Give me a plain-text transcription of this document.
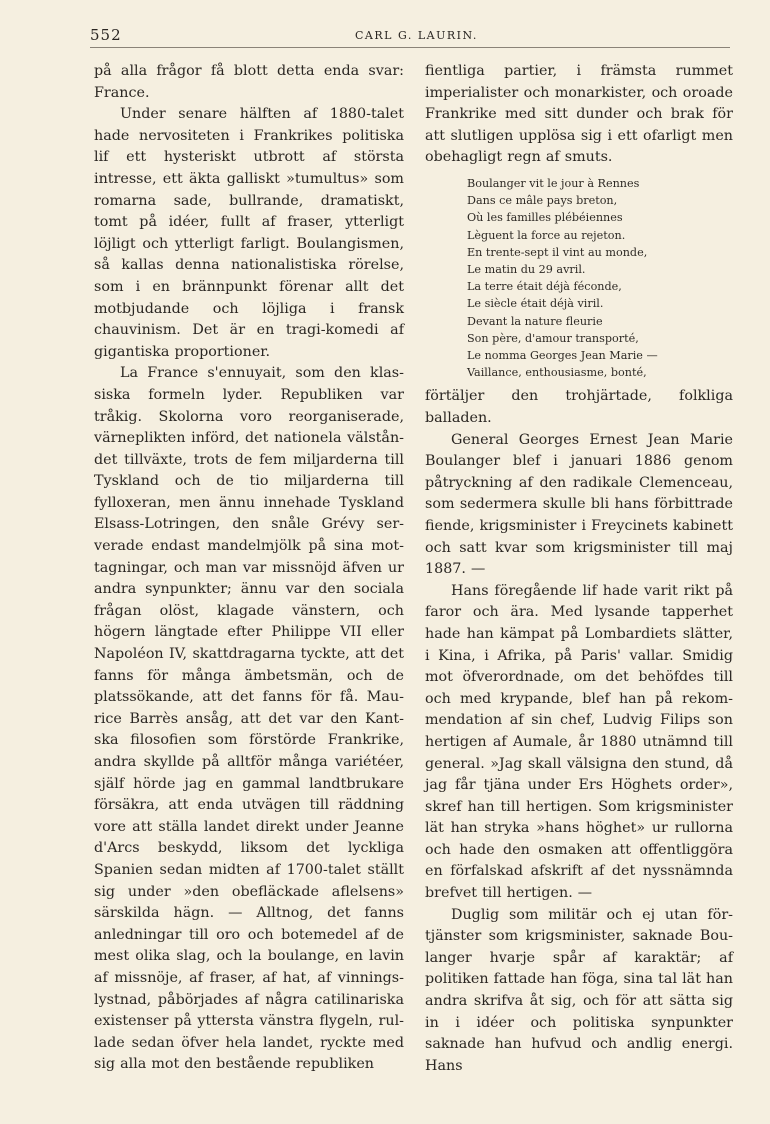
552	CARL G. LAURIN.

på alla frågor få blott detta enda svar: France.

Under senare hälften af 1880-talet hade nervositeten i Frankrikes politiska lif ett hysteriskt utbrott af största intresse, ett äkta galliskt »tumultus» som romarna sade, bullrande, dramatiskt, tomt på idéer, fullt af fraser, ytterligt löjligt och ytterligt farligt. Boulangismen, så kallas denna nationalistiska rörelse, som i en brännpunkt förenar allt det motbjudande och löjliga i fransk chauvinism. Det är en tragi-komedi af gigantiska proportioner.

La France s'ennuyait, som den klassiska formeln lyder. Republiken var tråkig. Skolorna voro reorganiserade, värneplikten införd, det nationela välståndet tillväxte, trots de fem miljarderna till Tyskland och de tio miljarderna till fylloxeran, men ännu innehade Tyskland Elsass-Lotringen, den snåle Grévy serverade endast mandelmjölk på sina mottagningar, och man var missnöjd äfven ur andra synpunkter; ännu var den sociala frågan olöst, klagade vänstern, och högern längtade efter Philippe VII eller Napoléon IV, skattdragarna tyckte, att det fanns för många ämbetsmän, och de platssökande, att det fanns för få. Maurice Barrès ansåg, att det var den Kantska filosofien som förstörde Frankrike, andra skyllde på alltför många variétéer, själf hörde jag en gammal landtbrukare försäkra, att enda utvägen till räddning vore att ställa landet direkt under Jeanne d'Arcs beskydd, liksom det lyckliga Spanien sedan midten af 1700-talet ställt sig under »den obefläckade aflelsens» särskilda hägn. — Alltnog, det fanns anledningar till oro och botemedel af de mest olika slag, och la boulange, en lavin af missnöje, af fraser, af hat, af vinningslystnad, påbörjades af några catilinariska existenser på yttersta vänstra flygeln, rullade sedan öfver hela landet, ryckte med sig alla mot den bestående republiken

fientliga partier, i främsta rummet imperialister och monarkister, och oroade Frankrike med sitt dunder och brak för att slutligen upplösa sig i ett ofarligt men obehagligt regn af smuts.

Boulanger vit le jour à Rennes
Dans ce mâle pays breton,
Où les familles plébéiennes
Lèguent la force au rejeton.
En trente-sept il vint au monde,
Le matin du 29 avril.
La terre était déjà féconde,
Le siècle était déjà viril.
Devant la nature fleurie
Son père, d'amour transporté,
Le nomma Georges Jean Marie —
Vaillance, enthousiasme, bonté,

förtäljer den trohjärtade, folkliga balladen.

General Georges Ernest Jean Marie Boulanger blef i januari 1886 genom påtryckning af den radikale Clemenceau, som sedermera skulle bli hans förbittrade fiende, krigsminister i Freycinets kabinett och satt kvar som krigsminister till maj 1887. —

Hans föregående lif hade varit rikt på faror och ära. Med lysande tapperhet hade han kämpat på Lombardiets slätter, i Kina, i Afrika, på Paris' vallar. Smidig mot öfverordnade, om det behöfdes till och med krypande, blef han på rekommendation af sin chef, Ludvig Filips son hertigen af Aumale, år 1880 utnämnd till general. »Jag skall välsigna den stund, då jag får tjäna under Ers Höghets order», skref han till hertigen. Som krigsminister lät han stryka »hans höghet» ur rullorna och hade den osmaken att offentliggöra en förfalskad afskrift af det nyssnämnda brefvet till hertigen. —

Duglig som militär och ej utan förtjänster som krigsminister, saknade Boulanger hvarje spår af karaktär; af politiken fattade han föga, sina tal lät han andra skrifva åt sig, och för att sätta sig in i idéer och politiska synpunkter saknade han hufvud och andlig energi. Hans
